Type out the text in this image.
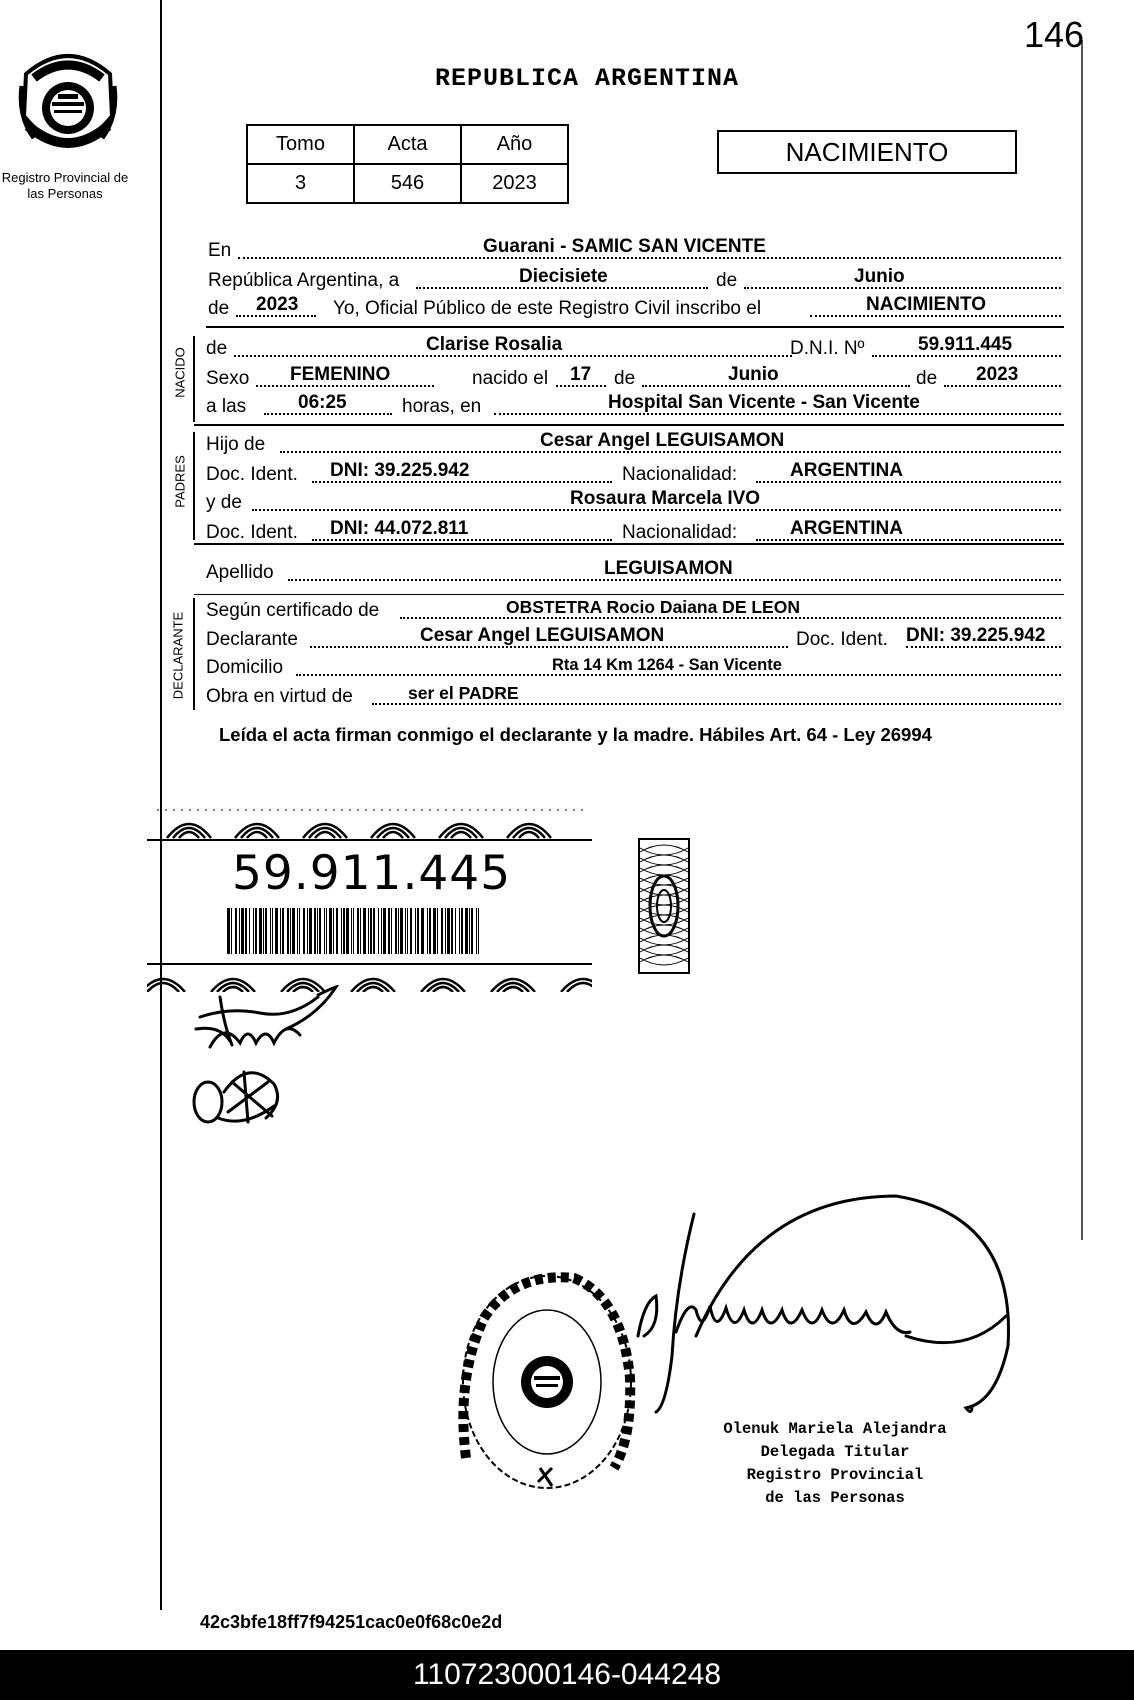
146
Registro Provincial de las Personas
REPUBLICA ARGENTINA
Tomo	Acta	Año
3	546	2023
NACIMIENTO
En	Guarani - SAMIC SAN VICENTE
República Argentina, a	Diecisiete	de	Junio
de 2023 Yo, Oficial Público de este Registro Civil inscribo el	NACIMIENTO
NACIDO de	Clarise Rosalia	D.N.I. Nº	59.911.445
Sexo FEMENINO	nacido el 17 de	Junio	de 2023
a las	06:25	horas, en	Hospital San Vicente - San Vicente
PADRES
Hijo de	Cesar Angel LEGUISAMON
Doc. Ident. DNI: 39.225.942	Nacionalidad:	ARGENTINA
y de	Rosaura Marcela IVO
Doc. Ident. DNI: 44.072.811	Nacionalidad:	ARGENTINA
Apellido	LEGUISAMON
DECLARANTE
Según certificado de	OBSTETRA Rocio Daiana DE LEON
Declarante	Cesar Angel LEGUISAMON	Doc. Ident. DNI: 39.225.942
Domicilio	Rta 14 Km 1264 - San Vicente
Obra en virtud de	ser el PADRE
Leída el acta firman conmigo el declarante y la madre. Hábiles Art. 64 - Ley 26994
59.911.445
Olenuk Mariela Alejandra
Delegada Titular
Registro Provincial
de las Personas
42c3bfe18ff7f94251cac0e0f68c0e2d
110723000146-044248
